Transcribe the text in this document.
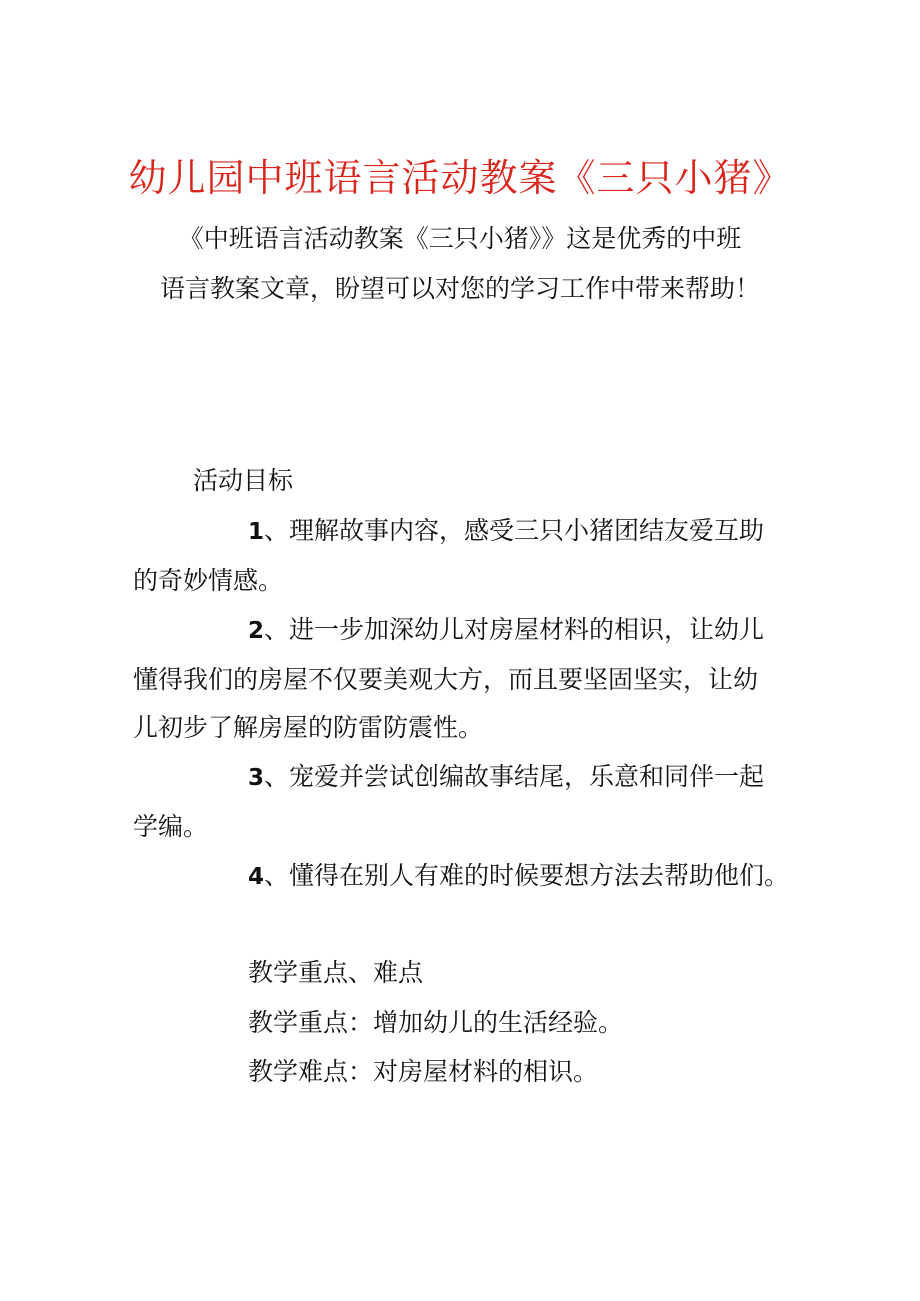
幼儿园中班语言活动教案《三只小猪》
《中班语言活动教案《三只小猪》》这是优秀的中班
语言教案文章，盼望可以对您的学习工作中带来帮助！
活动目标
1、理解故事内容，感受三只小猪团结友爱互助
的奇妙情感。
2、进一步加深幼儿对房屋材料的相识，让幼儿
懂得我们的房屋不仅要美观大方，而且要坚固坚实，让幼
儿初步了解房屋的防雷防震性。
3、宠爱并尝试创编故事结尾，乐意和同伴一起
学编。
4、懂得在别人有难的时候要想方法去帮助他们。
教学重点、难点
教学重点：增加幼儿的生活经验。
教学难点：对房屋材料的相识。
